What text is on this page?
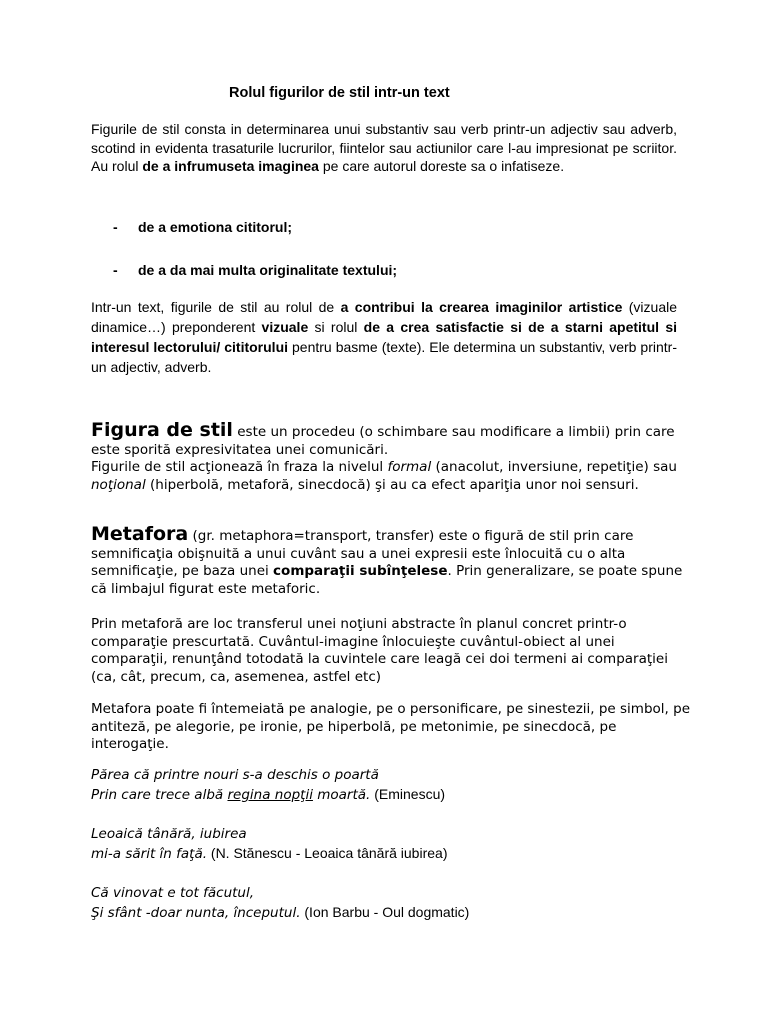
Rolul figurilor de stil intr-un text

Figurile de stil consta in determinarea unui substantiv sau verb printr-un adjectiv sau adverb, scotind in evidenta trasaturile lucrurilor, fiintelor sau actiunilor care l-au impresionat pe scriitor. Au rolul de a infrumuseta imaginea pe care autorul doreste sa o infatiseze.

- de a emotiona cititorul;

- de a da mai multa originalitate textului;

Intr-un text, figurile de stil au rolul de a contribui la crearea imaginilor artistice (vizuale dinamice…) preponderent vizuale si rolul de a crea satisfactie si de a starni apetitul si interesul lectorului/ cititorului pentru basme (texte). Ele determina un substantiv, verb printr-un adjectiv, adverb.

Figura de stil este un procedeu (o schimbare sau modificare a limbii) prin care este sporită expresivitatea unei comunicări.
Figurile de stil acţionează în fraza la nivelul formal (anacolut, inversiune, repetiţie) sau noţional (hiperbolă, metaforă, sinecdocă) şi au ca efect apariţia unor noi sensuri.

Metafora (gr. metaphora=transport, transfer) este o figură de stil prin care semnificaţia obişnuită a unui cuvânt sau a unei expresii este înlocuită cu o alta semnificaţie, pe baza unei comparaţii subînţelese. Prin generalizare, se poate spune că limbajul figurat este metaforic.

Prin metaforă are loc transferul unei noţiuni abstracte în planul concret printr-o comparaţie prescurtată. Cuvântul-imagine înlocuieşte cuvântul-obiect al unei comparaţii, renunţând totodată la cuvintele care leagă cei doi termeni ai comparaţiei (ca, cât, precum, ca, asemenea, astfel etc)

Metafora poate fi întemeiată pe analogie, pe o personificare, pe sinestezii, pe simbol, pe antiteză, pe alegorie, pe ironie, pe hiperbolă, pe metonimie, pe sinecdocă, pe interogaţie.

Părea că printre nouri s-a deschis o poartă
Prin care trece albă regina nopţii moartă. (Eminescu)

Leoaică tânără, iubirea
mi-a sărit în faţă. (N. Stănescu - Leoaica tânără iubirea)

Că vinovat e tot făcutul,
Şi sfânt -doar nunta, începutul. (Ion Barbu - Oul dogmatic)
